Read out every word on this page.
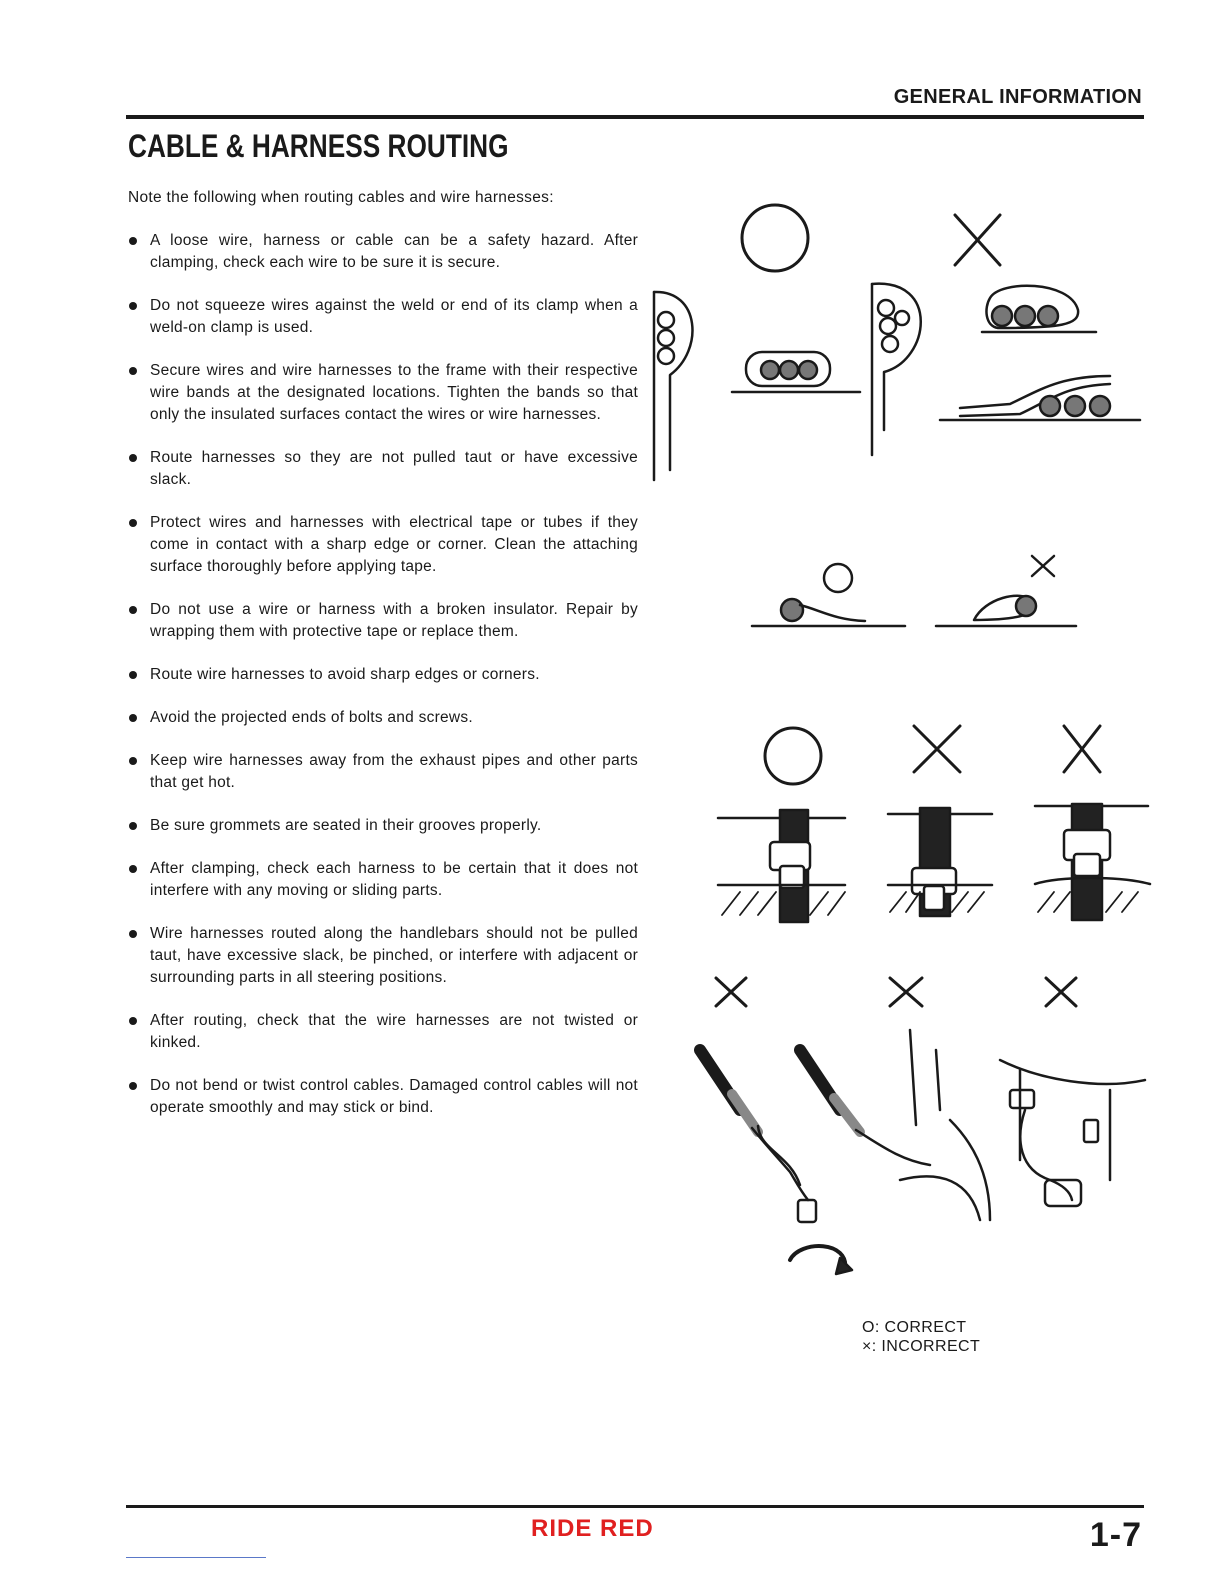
GENERAL INFORMATION
CABLE & HARNESS ROUTING
Note the following when routing cables and wire harnesses:
A loose wire, harness or cable can be a safety hazard. After clamping, check each wire to be sure it is secure.
Do not squeeze wires against the weld or end of its clamp when a weld-on clamp is used.
Secure wires and wire harnesses to the frame with their respective wire bands at the designated locations. Tighten the bands so that only the insulated surfaces contact the wires or wire harnesses.
Route harnesses so they are not pulled taut or have excessive slack.
Protect wires and harnesses with electrical tape or tubes if they come in contact with a sharp edge or corner. Clean the attaching surface thoroughly before applying tape.
Do not use a wire or harness with a broken insulator. Repair by wrapping them with protective tape or replace them.
Route wire harnesses to avoid sharp edges or corners.
Avoid the projected ends of bolts and screws.
Keep wire harnesses away from the exhaust pipes and other parts that get hot.
Be sure grommets are seated in their grooves properly.
After clamping, check each harness to be certain that it does not interfere with any moving or sliding parts.
Wire harnesses routed along the handlebars should not be pulled taut, have excessive slack, be pinched, or interfere with adjacent or surrounding parts in all steering positions.
After routing, check that the wire harnesses are not twisted or kinked.
Do not bend or twist control cables. Damaged control cables will not operate smoothly and may stick or bind.
O: CORRECT
×: INCORRECT
RIDE RED	1-7
